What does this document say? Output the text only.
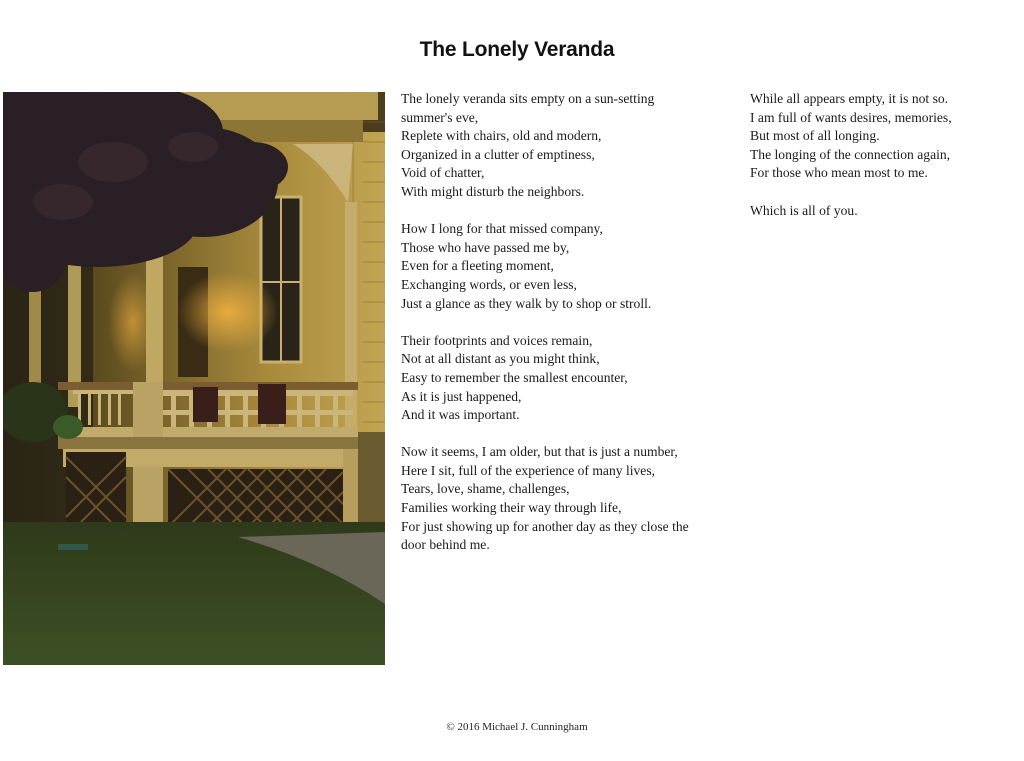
The Lonely Veranda
The lonely veranda sits empty on a sun-setting
summer's eve,
Replete with chairs, old and modern,
Organized in a clutter of emptiness,
Void of chatter,
With might disturb the neighbors.
How I long for that missed company,
Those who have passed me by,
Even for a fleeting moment,
Exchanging words, or even less,
Just a glance as they walk by to shop or stroll.
Their footprints and voices remain,
Not at all distant as you might think,
Easy to remember the smallest encounter,
As it is just happened,
And it was important.
Now it seems, I am older, but that is just a number,
Here I sit, full of the experience of many lives,
Tears, love, shame, challenges,
Families working their way through life,
For just showing up for another day as they close the
door behind me.
While all appears empty, it is not so.
I am full of wants desires, memories,
But most of all longing.
The longing of the connection again,
For those who mean most to me.
Which is all of you.
© 2016 Michael J. Cunningham
